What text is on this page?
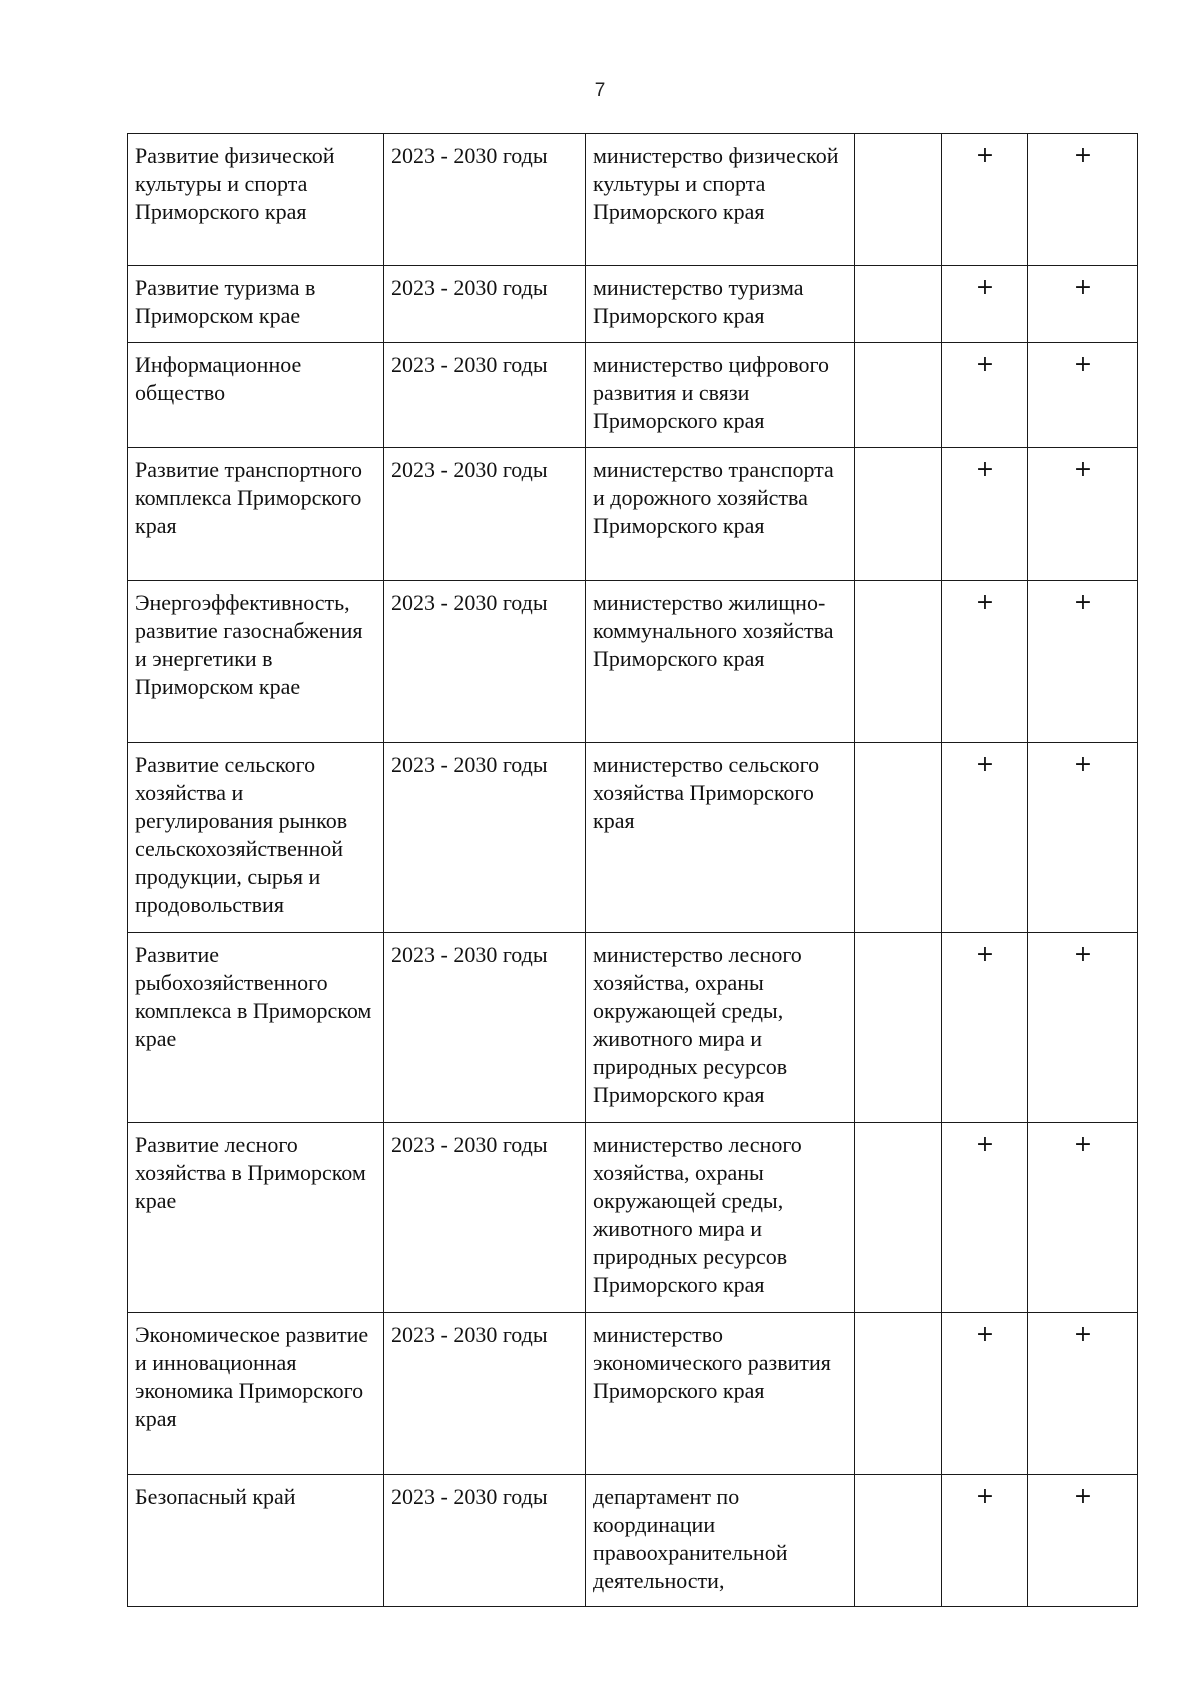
7
Развитие физической культуры и спорта Приморского края	2023 - 2030 годы	министерство физической культуры и спорта Приморского края		+	+
Развитие туризма в Приморском крае	2023 - 2030 годы	министерство туризма Приморского края		+	+
Информационное общество	2023 - 2030 годы	министерство цифрового развития и связи Приморского края		+	+
Развитие транспортного комплекса Приморского края	2023 - 2030 годы	министерство транспорта и дорожного хозяйства Приморского края		+	+
Энергоэффективность, развитие газоснабжения и энергетики в Приморском крае	2023 - 2030 годы	министерство жилищно-коммунального хозяйства Приморского края		+	+
Развитие сельского хозяйства и регулирования рынков сельскохозяйственной продукции, сырья и продовольствия	2023 - 2030 годы	министерство сельского хозяйства Приморского края		+	+
Развитие рыбохозяйственного комплекса в Приморском крае	2023 - 2030 годы	министерство лесного хозяйства, охраны окружающей среды, животного мира и природных ресурсов Приморского края		+	+
Развитие лесного хозяйства в Приморском крае	2023 - 2030 годы	министерство лесного хозяйства, охраны окружающей среды, животного мира и природных ресурсов Приморского края		+	+
Экономическое развитие и инновационная экономика Приморского края	2023 - 2030 годы	министерство экономического развития Приморского края		+	+
Безопасный край	2023 - 2030 годы	департамент по координации правоохранительной деятельности,		+	+
